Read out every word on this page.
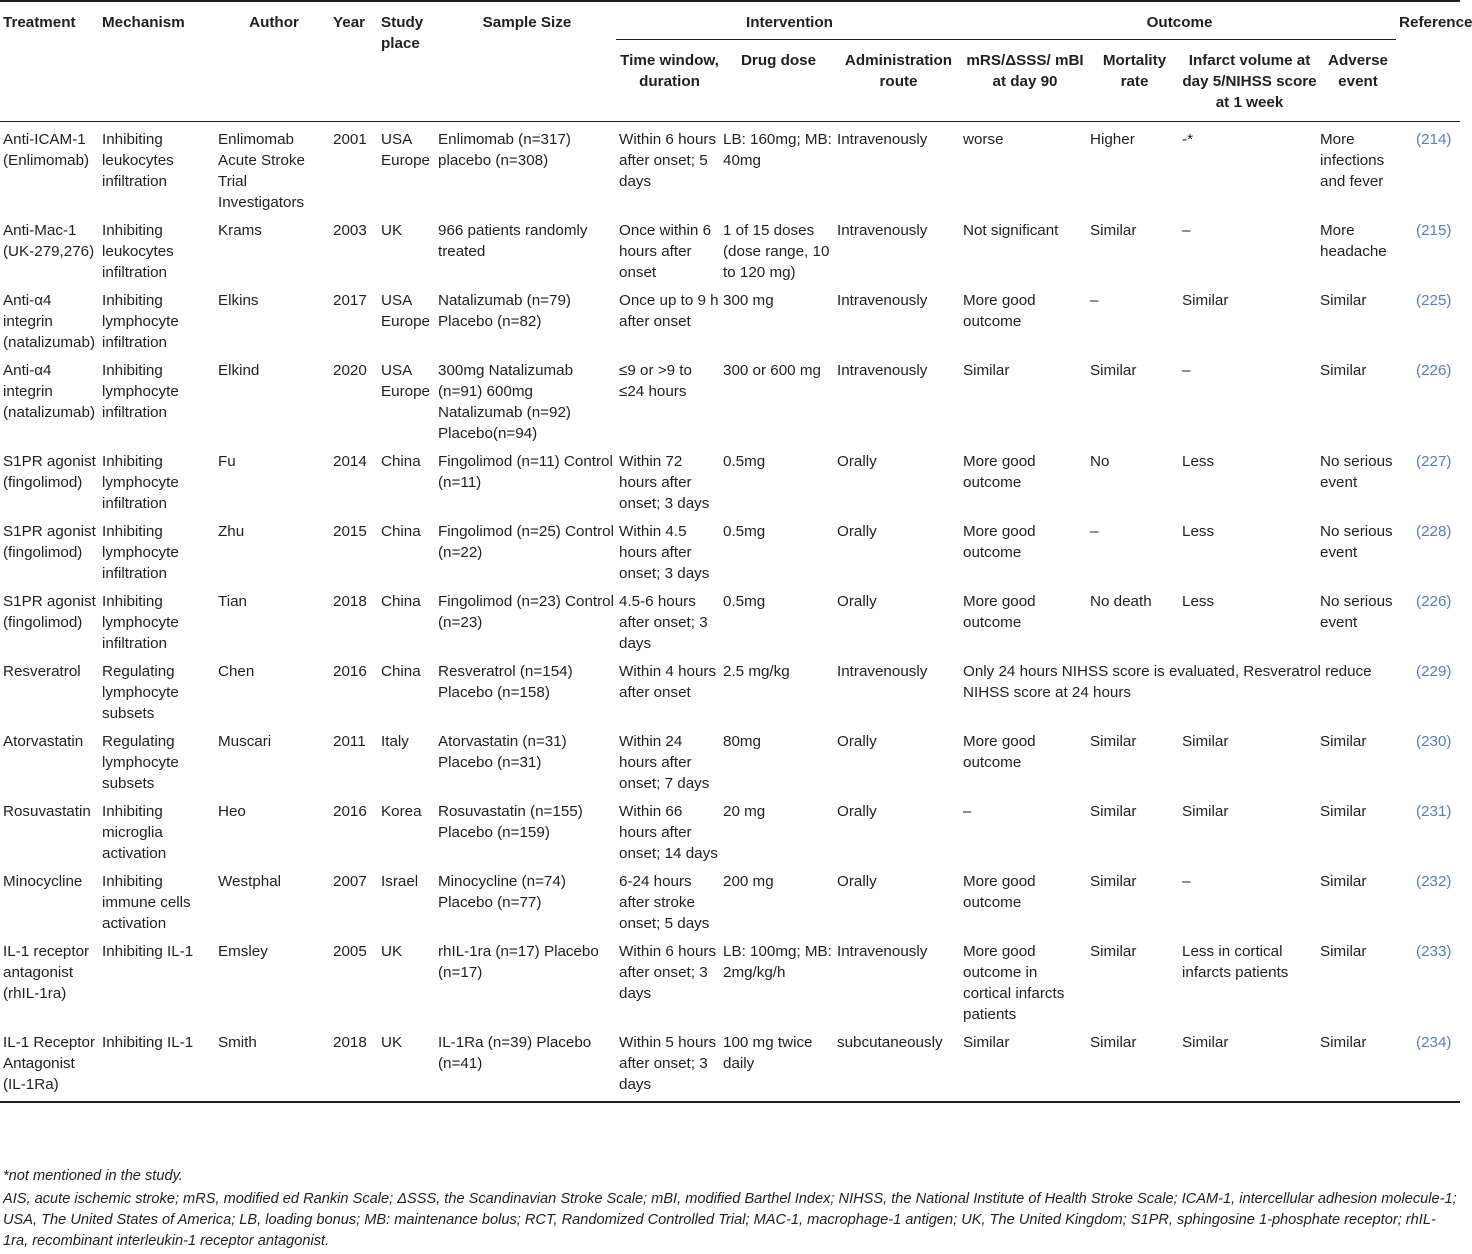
Treatment	Mechanism	Author	Year	Study place	Sample Size	Intervention			Outcome				Reference
						Time window, duration	Drug dose	Administration route	mRS/ΔSSS/ mBI at day 90	Mortality rate	Infarct volume at day 5/NIHSS score at 1 week	Adverse event	
Anti-ICAM-1 (Enlimomab)	Inhibiting leukocytes infiltration	Enlimomab Acute Stroke Trial Investigators	2001	USA Europe	Enlimomab (n=317) placebo (n=308)	Within 6 hours after onset; 5 days	LB: 160mg; MB: 40mg	Intravenously	worse	Higher	-*	More infections and fever	(214)
Anti-Mac-1 (UK-279,276)	Inhibiting leukocytes infiltration	Krams	2003	UK	966 patients randomly treated	Once within 6 hours after onset	1 of 15 doses (dose range, 10 to 120 mg)	Intravenously	Not significant	Similar	–	More headache	(215)
Anti-α4 integrin (natalizumab)	Inhibiting lymphocyte infiltration	Elkins	2017	USA Europe	Natalizumab (n=79) Placebo (n=82)	Once up to 9 h after onset	300 mg	Intravenously	More good outcome	–	Similar	Similar	(225)
Anti-α4 integrin (natalizumab)	Inhibiting lymphocyte infiltration	Elkind	2020	USA Europe	300mg Natalizumab (n=91) 600mg Natalizumab (n=92) Placebo(n=94)	≤9 or >9 to ≤24 hours	300 or 600 mg	Intravenously	Similar	Similar	–	Similar	(226)
S1PR agonist (fingolimod)	Inhibiting lymphocyte infiltration	Fu	2014	China	Fingolimod (n=11) Control (n=11)	Within 72 hours after onset; 3 days	0.5mg	Orally	More good outcome	No	Less	No serious event	(227)
S1PR agonist (fingolimod)	Inhibiting lymphocyte infiltration	Zhu	2015	China	Fingolimod (n=25) Control (n=22)	Within 4.5 hours after onset; 3 days	0.5mg	Orally	More good outcome	–	Less	No serious event	(228)
S1PR agonist (fingolimod)	Inhibiting lymphocyte infiltration	Tian	2018	China	Fingolimod (n=23) Control (n=23)	4.5-6 hours after onset; 3 days	0.5mg	Orally	More good outcome	No death	Less	No serious event	(226)
Resveratrol	Regulating lymphocyte subsets	Chen	2016	China	Resveratrol (n=154) Placebo (n=158)	Within 4 hours after onset	2.5 mg/kg	Intravenously	Only 24 hours NIHSS score is evaluated, Resveratrol reduce NIHSS score at 24 hours				(229)
Atorvastatin	Regulating lymphocyte subsets	Muscari	2011	Italy	Atorvastatin (n=31) Placebo (n=31)	Within 24 hours after onset; 7 days	80mg	Orally	More good outcome	Similar	Similar	Similar	(230)
Rosuvastatin	Inhibiting microglia activation	Heo	2016	Korea	Rosuvastatin (n=155) Placebo (n=159)	Within 66 hours after onset; 14 days	20 mg	Orally	–	Similar	Similar	Similar	(231)
Minocycline	Inhibiting immune cells activation	Westphal	2007	Israel	Minocycline (n=74) Placebo (n=77)	6-24 hours after stroke onset; 5 days	200 mg	Orally	More good outcome	Similar	–	Similar	(232)
IL-1 receptor antagonist (rhIL-1ra)	Inhibiting IL-1	Emsley	2005	UK	rhIL-1ra (n=17) Placebo (n=17)	Within 6 hours after onset; 3 days	LB: 100mg; MB: 2mg/kg/h	Intravenously	More good outcome in cortical infarcts patients	Similar	Less in cortical infarcts patients	Similar	(233)
IL-1 Receptor Antagonist (IL-1Ra)	Inhibiting IL-1	Smith	2018	UK	IL-1Ra (n=39) Placebo (n=41)	Within 5 hours after onset; 3 days	100 mg twice daily	subcutaneously	Similar	Similar	Similar	Similar	(234)

*not mentioned in the study.

AIS, acute ischemic stroke; mRS, modified ed Rankin Scale; ΔSSS, the Scandinavian Stroke Scale; mBI, modified Barthel Index; NIHSS, the National Institute of Health Stroke Scale; ICAM-1, intercellular adhesion molecule-1; USA, The United States of America; LB, loading bonus; MB: maintenance bolus; RCT, Randomized Controlled Trial; MAC-1, macrophage-1 antigen; UK, The United Kingdom; S1PR, sphingosine 1-phosphate receptor; rhIL-1ra, recombinant interleukin-1 receptor antagonist.
